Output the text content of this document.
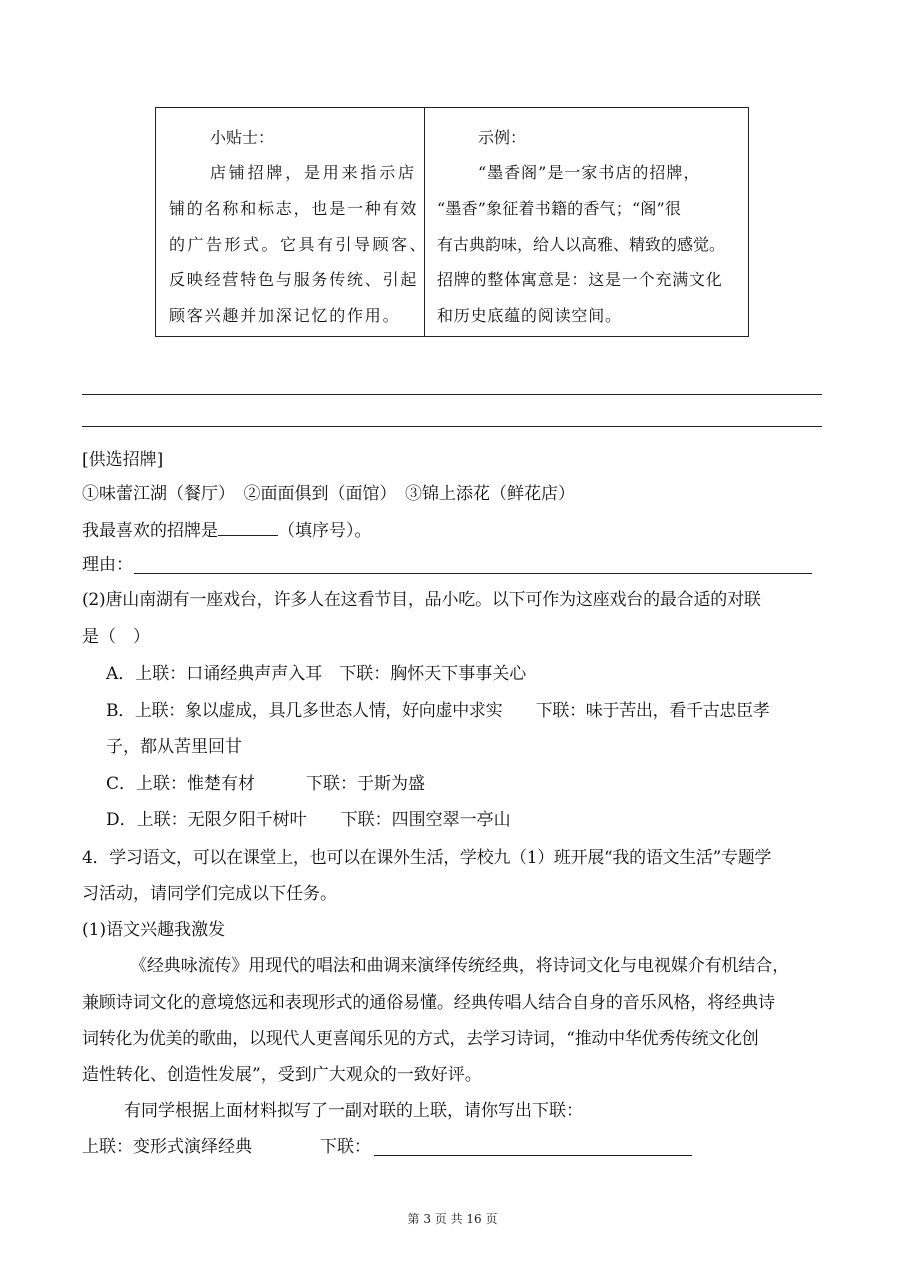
小贴士：
店铺招牌，是用来指示店
铺的名称和标志，也是一种有效
的广告形式。它具有引导顾客、
反映经营特色与服务传统、引起
顾客兴趣并加深记忆的作用。
示例：
“墨香阁”是一家书店的招牌，
“墨香”象征着书籍的香气；“阁”很
有古典韵味，给人以高雅、精致的感觉。
招牌的整体寓意是：这是一个充满文化
和历史底蕴的阅读空间。
[供选招牌]
①味蕾江湖（餐厅）　②面面俱到（面馆）　③锦上添花（鲜花店）
我最喜欢的招牌是	（填序号）。
理由：
(2)唐山南湖有一座戏台，许多人在这看节目，品小吃。以下可作为这座戏台的最合适的对联
是（　）
A．上联：口诵经典声声入耳　下联：胸怀天下事事关心
B．上联：象以虚成，具几多世态人情，好向虚中求实　　下联：味于苦出，看千古忠臣孝
子，都从苦里回甘
C．上联：惟楚有材　　　下联：于斯为盛
D．上联：无限夕阳千树叶　　下联：四围空翠一亭山
4．学习语文，可以在课堂上，也可以在课外生活，学校九（1）班开展“我的语文生活”专题学
习活动，请同学们完成以下任务。
(1)语文兴趣我激发
《经典咏流传》用现代的唱法和曲调来演绎传统经典，将诗词文化与电视媒介有机结合，
兼顾诗词文化的意境悠远和表现形式的通俗易懂。经典传唱人结合自身的音乐风格，将经典诗
词转化为优美的歌曲，以现代人更喜闻乐见的方式，去学习诗词，“推动中华优秀传统文化创
造性转化、创造性发展”，受到广大观众的一致好评。
有同学根据上面材料拟写了一副对联的上联，请你写出下联：
上联：变形式演绎经典	下联：
第 3 页 共 16 页
